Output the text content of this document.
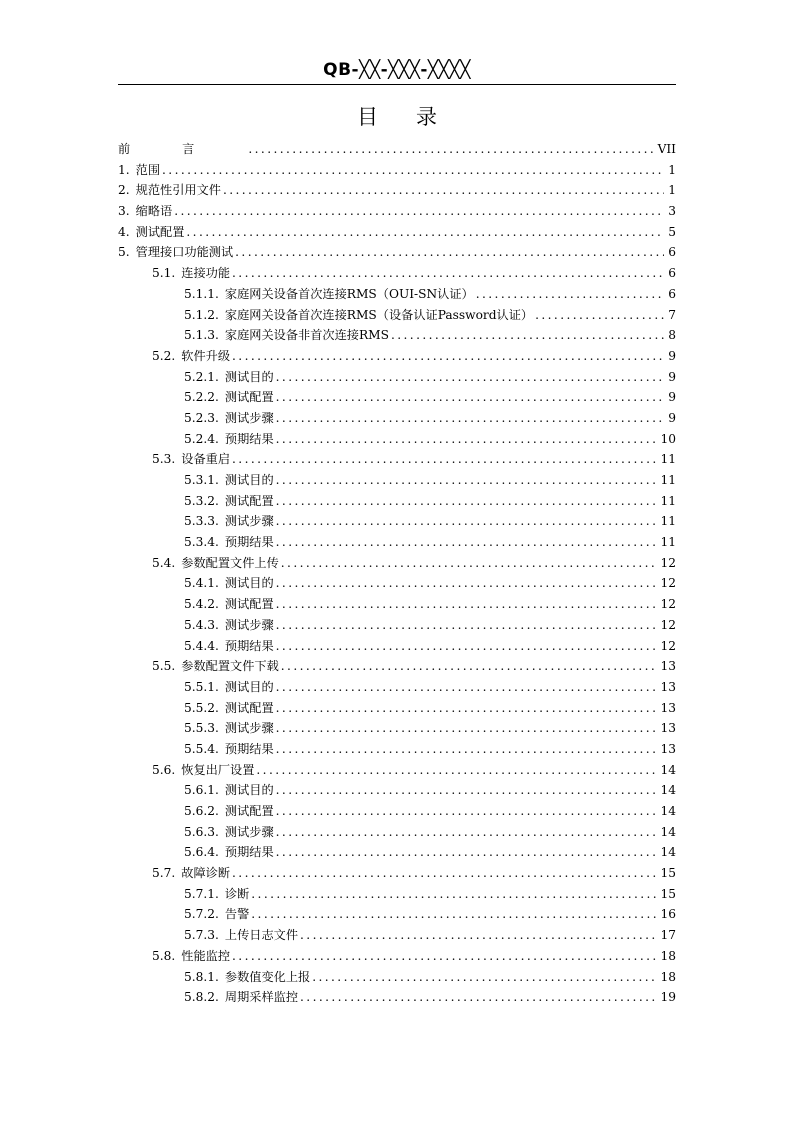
QB-╳╳-╳╳╳-╳╳╳╳
目录
前言 .....	VII
1. 范围 .....	1
2. 规范性引用文件 .....	1
3. 缩略语 .....	3
4. 测试配置 .....	5
5. 管理接口功能测试 .....	6
5.1. 连接功能 .....	6
5.1.1. 家庭网关设备首次连接RMS（OUI-SN认证） .....	6
5.1.2. 家庭网关设备首次连接RMS（设备认证Password认证） .....	7
5.1.3. 家庭网关设备非首次连接RMS .....	8
5.2. 软件升级 .....	9
5.2.1. 测试目的 .....	9
5.2.2. 测试配置 .....	9
5.2.3. 测试步骤 .....	9
5.2.4. 预期结果 .....	10
5.3. 设备重启 .....	11
5.3.1. 测试目的 .....	11
5.3.2. 测试配置 .....	11
5.3.3. 测试步骤 .....	11
5.3.4. 预期结果 .....	11
5.4. 参数配置文件上传 .....	12
5.4.1. 测试目的 .....	12
5.4.2. 测试配置 .....	12
5.4.3. 测试步骤 .....	12
5.4.4. 预期结果 .....	12
5.5. 参数配置文件下载 .....	13
5.5.1. 测试目的 .....	13
5.5.2. 测试配置 .....	13
5.5.3. 测试步骤 .....	13
5.5.4. 预期结果 .....	13
5.6. 恢复出厂设置 .....	14
5.6.1. 测试目的 .....	14
5.6.2. 测试配置 .....	14
5.6.3. 测试步骤 .....	14
5.6.4. 预期结果 .....	14
5.7. 故障诊断 .....	15
5.7.1. 诊断 .....	15
5.7.2. 告警 .....	16
5.7.3. 上传日志文件 .....	17
5.8. 性能监控 .....	18
5.8.1. 参数值变化上报 .....	18
5.8.2. 周期采样监控 .....	19
